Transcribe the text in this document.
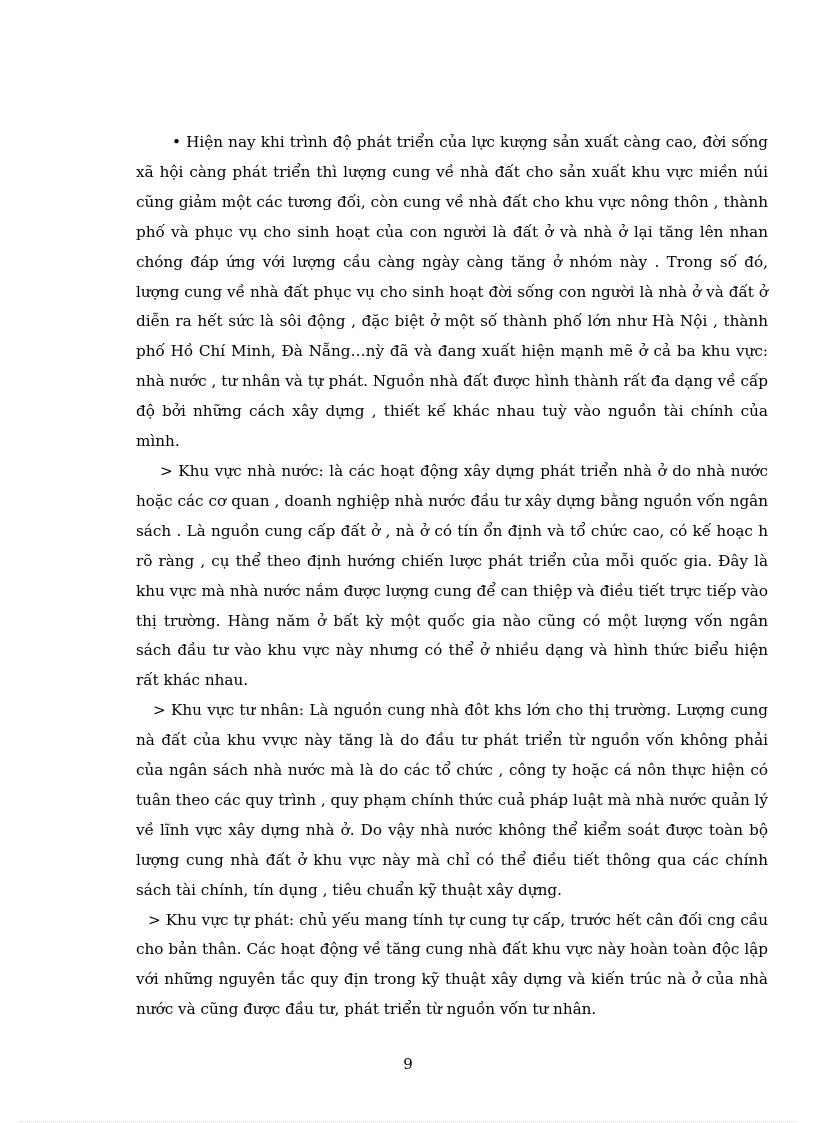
• Hiện nay khi trình độ phát triển của lực kượng sản xuất càng cao, đời sống xã hội càng phát triển thì lượng cung về nhà đất cho sản xuất khu vực miền núi cũng giảm một các tương đối, còn cung về nhà đất cho khu vực nông thôn , thành phố và phục vụ cho sinh hoạt của con người là đất ở và nhà ở lại tăng lên nhan chóng đáp ứng với lượng cầu càng ngày càng tăng ở nhóm này . Trong số đó, lượng cung về nhà đất phục vụ cho sinh hoạt đời sống con người là nhà ở và đất ở diễn ra hết sức là sôi động , đặc biệt ở một số thành phố lớn như Hà Nội , thành phố Hồ Chí Minh, Đà Nẵng…nỳ đã và đang xuất hiện mạnh mẽ ở cả ba khu vực: nhà nước , tư nhân và tự phát. Nguồn nhà đất được hình thành rất đa dạng về cấp độ bởi những cách xây dựng , thiết kế khác nhau tuỳ vào nguồn tài chính của mình.

> Khu vực nhà nước: là các hoạt động xây dựng phát triển nhà ở do nhà nước hoặc các cơ quan , doanh nghiệp nhà nước đầu tư xây dựng bằng nguồn vốn ngân sách . Là nguồn cung cấp đất ở , nà ở có tín ổn định và tổ chức cao, có kế hoạc h rõ ràng , cụ thể theo định hướng chiến lược phát triển của mỗi quốc gia. Đây là khu vực mà nhà nước nắm được lượng cung để can thiệp và điều tiết trực tiếp vào thị trường. Hàng năm ở bất kỳ một quốc gia nào cũng có một lượng vốn ngân sách đầu tư vào khu vực này nhưng có thể ở nhiều dạng và hình thức biểu hiện rất khác nhau.

> Khu vực tư nhân: Là nguồn cung nhà đôt khs lớn cho thị trường. Lượng cung nà đất của khu vvực này tăng là do đầu tư phát triển từ nguồn vốn không phải của ngân sách nhà nước mà là do các tổ chức , công ty hoặc cá nôn thực hiện có tuân theo các quy trình , quy phạm chính thức cuả pháp luật mà nhà nước quản lý về lĩnh vực xây dựng nhà ở. Do vậy nhà nước không thể kiểm soát được toàn bộ lượng cung nhà đất ở khu vực này mà chỉ có thể điều tiết thông qua các chính sách tài chính, tín dụng , tiêu chuẩn kỹ thuật xây dựng.

> Khu vực tự phát: chủ yếu mang tính tự cung tự cấp, trước hết cân đối cng cầu cho bản thân. Các hoạt động về tăng cung nhà đất khu vực này hoàn toàn độc lập với những nguyên tắc quy địn trong kỹ thuật xây dựng và kiến trúc nà ở của nhà nước và cũng được đầu tư, phát triển từ nguồn vốn tư nhân.

9
